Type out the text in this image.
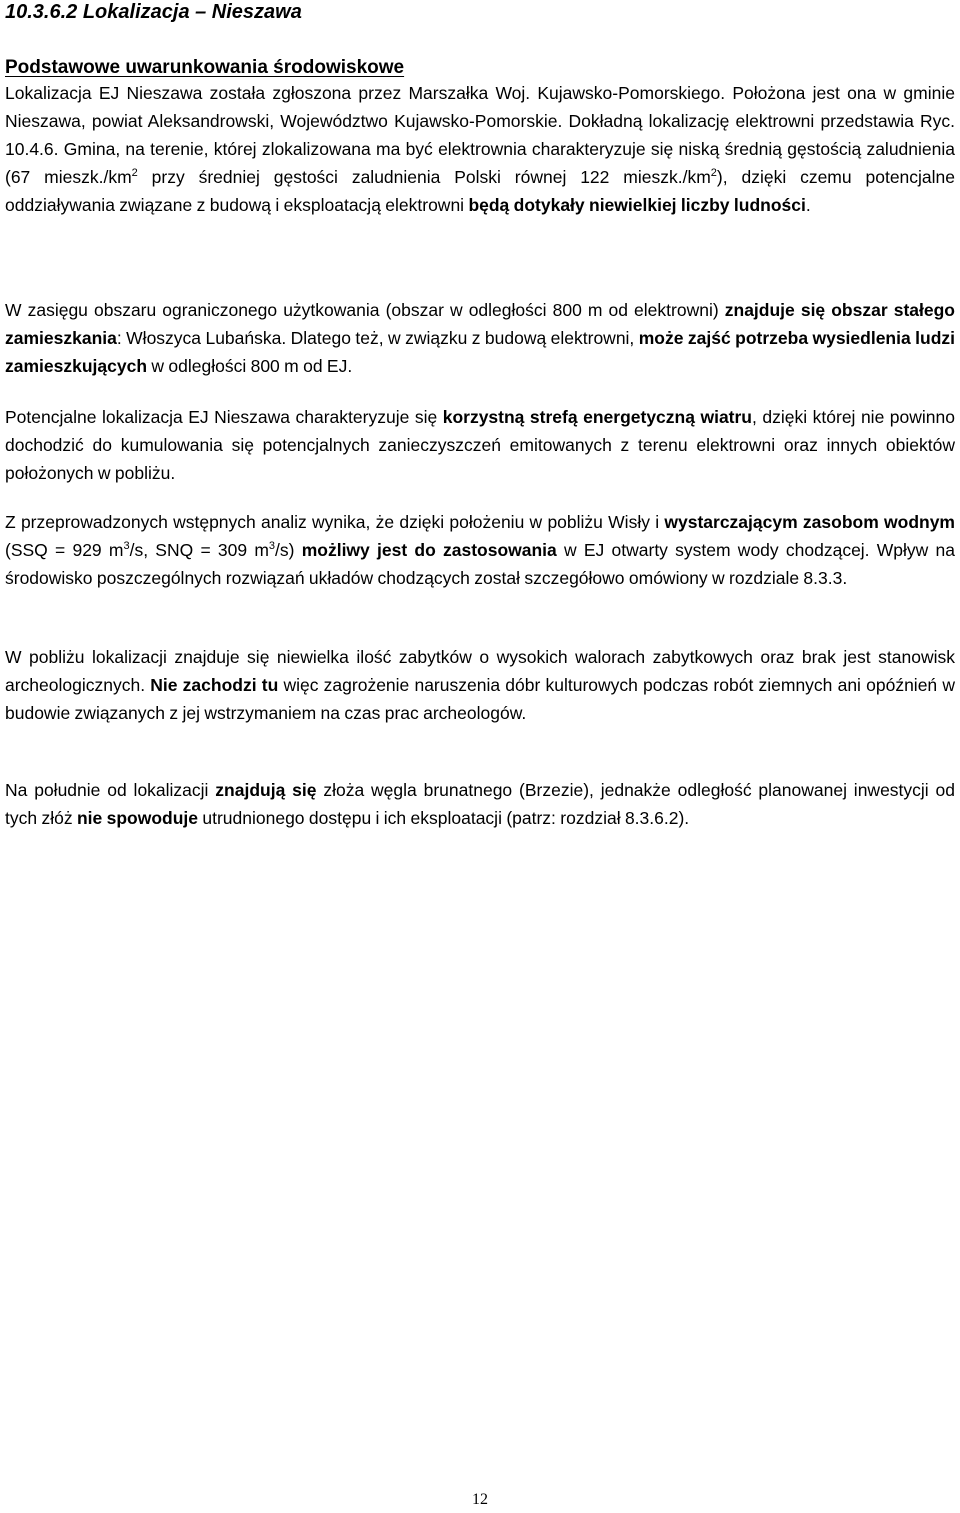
10.3.6.2 Lokalizacja – Nieszawa
Podstawowe uwarunkowania środowiskowe

Lokalizacja EJ Nieszawa została zgłoszona przez Marszałka Woj. Kujawsko-Pomorskiego. Położona jest ona w gminie Nieszawa, powiat Aleksandrowski, Województwo Kujawsko-Pomorskie. Dokładną lokalizację elektrowni przedstawia Ryc. 10.4.6. Gmina, na terenie, której zlokalizowana ma być elektrownia charakteryzuje się niską średnią gęstością zaludnienia (67 $mieszk./km^2$ przy średniej gęstości zaludnienia Polski równej 122 $mieszk./km^2$), dzięki czemu potencjalne oddziaływania związane z budową i eksploatacją elektrowni będą dotykały niewielkiej liczby ludności.

W zasięgu obszaru ograniczonego użytkowania (obszar w odległości 800 m od elektrowni) znajduje się obszar stałego zamieszkania: Włoszyca Lubańska. Dlatego też, w związku z budową elektrowni, może zajść potrzeba wysiedlenia ludzi zamieszkujących w odległości 800 m od EJ.

Potencjalne lokalizacja EJ Nieszawa charakteryzuje się korzystną strefą energetyczną wiatru, dzięki której nie powinno dochodzić do kumulowania się potencjalnych zanieczyszczeń emitowanych z terenu elektrowni oraz innych obiektów położonych w pobliżu.

Z przeprowadzonych wstępnych analiz wynika, że dzięki położeniu w pobliżu Wisły i wystarczającym zasobom wodnym (SSQ = 929 $m^3/s$, SNQ = 309 $m^3/s$) możliwy jest do zastosowania w EJ otwarty system wody chodzącej. Wpływ na środowisko poszczególnych rozwiązań układów chodzących został szczegółowo omówiony w rozdziale 8.3.3.

W pobliżu lokalizacji znajduje się niewielka ilość zabytków o wysokich walorach zabytkowych oraz brak jest stanowisk archeologicznych. Nie zachodzi tu więc zagrożenie naruszenia dóbr kulturowych podczas robót ziemnych ani opóźnień w budowie związanych z jej wstrzymaniem na czas prac archeologów.

Na południe od lokalizacji znajdują się złoża węgla brunatnego (Brzezie), jednakże odległość planowanej inwestycji od tych złóż nie spowoduje utrudnionego dostępu i ich eksploatacji (patrz: rozdział 8.3.6.2).

12
